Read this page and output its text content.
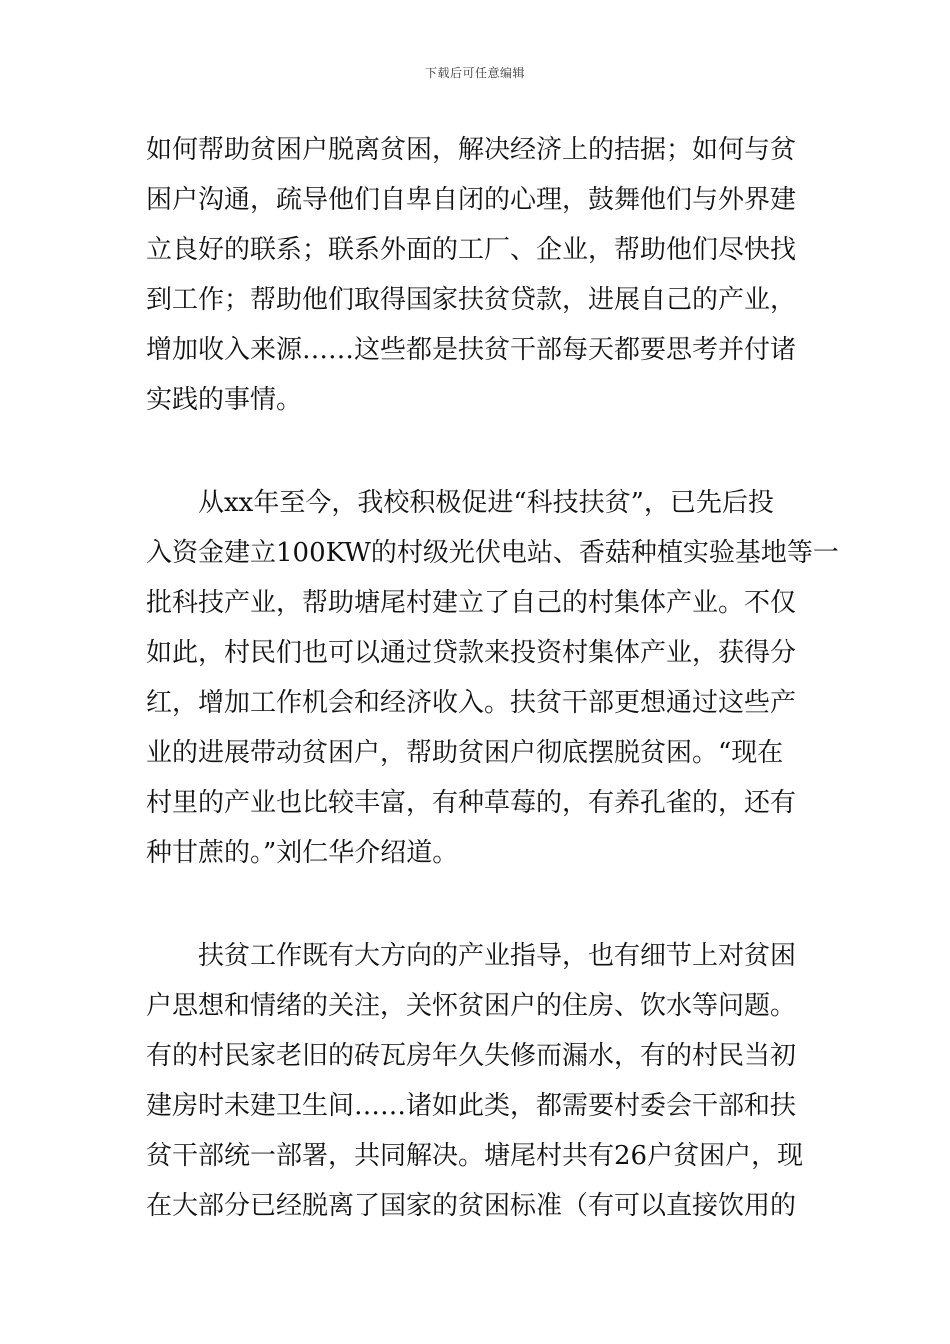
下载后可任意编辑
如何帮助贫困户脱离贫困，解决经济上的拮据；如何与贫
困户沟通，疏导他们自卑自闭的心理，鼓舞他们与外界建
立良好的联系；联系外面的工厂、企业，帮助他们尽快找
到工作；帮助他们取得国家扶贫贷款，进展自己的产业，
增加收入来源……这些都是扶贫干部每天都要思考并付诸
实践的事情。
　　从xx年至今，我校积极促进“科技扶贫”，已先后投
入资金建立100KW的村级光伏电站、香菇种植实验基地等一
批科技产业，帮助塘尾村建立了自己的村集体产业。不仅
如此，村民们也可以通过贷款来投资村集体产业，获得分
红，增加工作机会和经济收入。扶贫干部更想通过这些产
业的进展带动贫困户，帮助贫困户彻底摆脱贫困。“现在
村里的产业也比较丰富，有种草莓的，有养孔雀的，还有
种甘蔗的。”刘仁华介绍道。
　　扶贫工作既有大方向的产业指导，也有细节上对贫困
户思想和情绪的关注，关怀贫困户的住房、饮水等问题。
有的村民家老旧的砖瓦房年久失修而漏水，有的村民当初
建房时未建卫生间……诸如此类，都需要村委会干部和扶
贫干部统一部署，共同解决。塘尾村共有26户贫困户，现
在大部分已经脱离了国家的贫困标准（有可以直接饮用的
